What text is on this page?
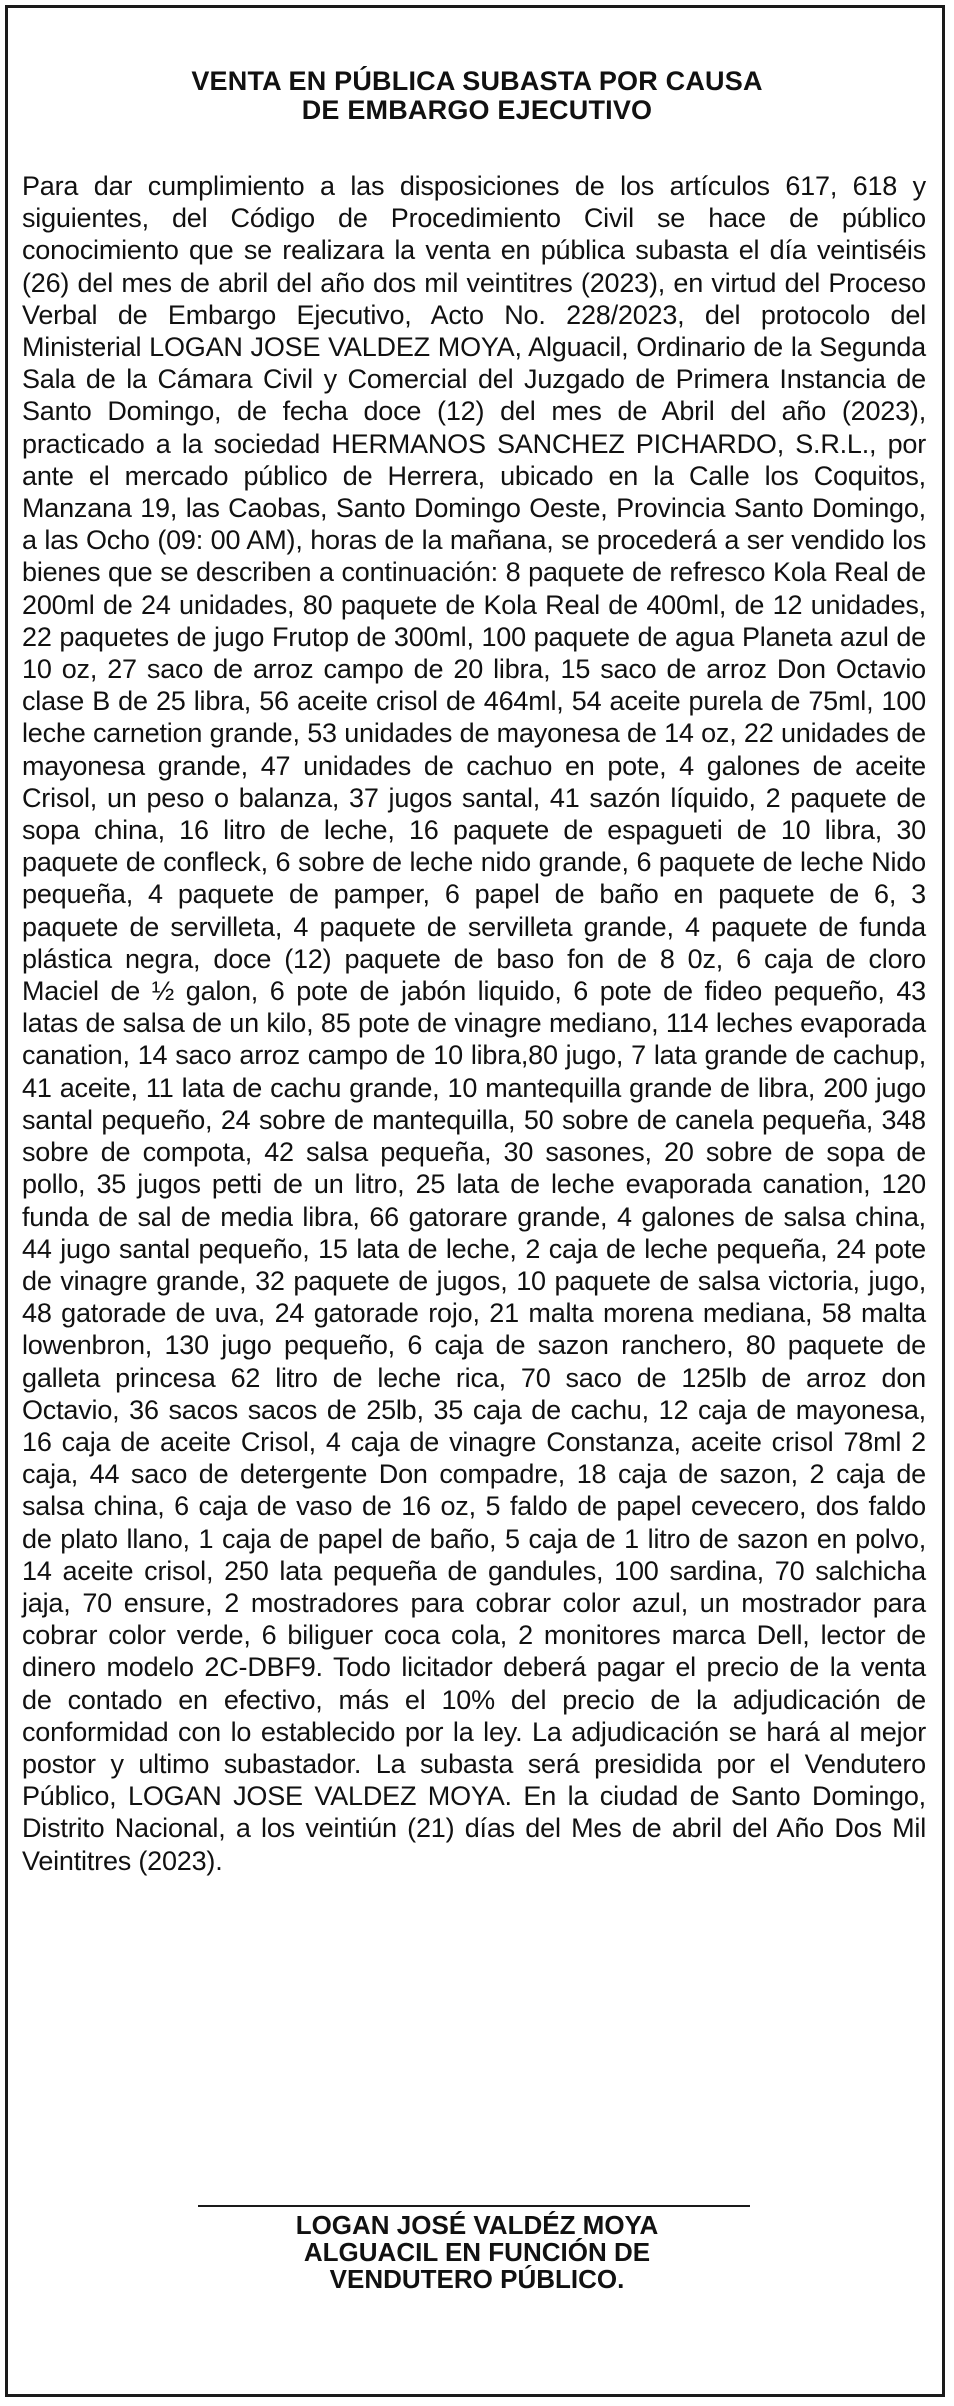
VENTA EN PÚBLICA SUBASTA POR CAUSA
DE EMBARGO EJECUTIVO

Para dar cumplimiento a las disposiciones de los artículos 617, 618 y siguientes, del Código de Procedimiento Civil se hace de público conocimiento que se realizara la venta en pública subasta el día veintiséis (26) del mes de abril del año dos mil veintitres (2023), en virtud del Proceso Verbal de Embargo Ejecutivo, Acto No. 228/2023, del protocolo del Ministerial LOGAN JOSE VALDEZ MOYA, Alguacil, Ordinario de la Segunda Sala de la Cámara Civil y Comercial del Juzgado de Primera Instancia de Santo Domingo, de fecha doce (12) del mes de Abril del año (2023), practicado a la sociedad HERMANOS SANCHEZ PICHARDO, S.R.L., por ante el mercado público de Herrera, ubicado en la Calle los Coquitos, Manzana 19, las Caobas, Santo Domingo Oeste, Provincia Santo Domingo, a las Ocho (09: 00 AM), horas de la mañana, se procederá a ser vendido los bienes que se describen a continuación: 8 paquete de refresco Kola Real de 200ml de 24 unidades, 80 paquete de Kola Real de 400ml, de 12 unidades, 22 paquetes de jugo Frutop de 300ml, 100 paquete de agua Planeta azul de 10 oz, 27 saco de arroz campo de 20 libra, 15 saco de arroz Don Octavio clase B de 25 libra, 56 aceite crisol de 464ml, 54 aceite purela de 75ml, 100 leche carnetion grande, 53 unidades de mayonesa de 14 oz, 22 unidades de mayonesa grande, 47 unidades de cachuo en pote, 4 galones de aceite Crisol, un peso o balanza, 37 jugos santal, 41 sazón líquido, 2 paquete de sopa china, 16 litro de leche, 16 paquete de espagueti de 10 libra, 30 paquete de confleck, 6 sobre de leche nido grande, 6 paquete de leche Nido pequeña, 4 paquete de pamper, 6 papel de baño en paquete de 6, 3 paquete de servilleta, 4 paquete de servilleta grande, 4 paquete de funda plástica negra, doce (12) paquete de baso fon de 8 0z, 6 caja de cloro Maciel de ½ galon, 6 pote de jabón liquido, 6 pote de fideo pequeño, 43 latas de salsa de un kilo, 85 pote de vinagre mediano, 114 leches evaporada canation, 14 saco arroz campo de 10 libra,80 jugo, 7 lata grande de cachup, 41 aceite, 11 lata de cachu grande, 10 mantequilla grande de libra, 200 jugo santal pequeño, 24 sobre de mantequilla, 50 sobre de canela pequeña, 348 sobre de compota, 42 salsa pequeña, 30 sasones, 20 sobre de sopa de pollo, 35 jugos petti de un litro, 25 lata de leche evaporada canation, 120 funda de sal de media libra, 66 gatorare grande, 4 galones de salsa china, 44 jugo santal pequeño, 15 lata de leche, 2 caja de leche pequeña, 24 pote de vinagre grande, 32 paquete de jugos, 10 paquete de salsa victoria, jugo, 48 gatorade de uva, 24 gatorade rojo, 21 malta morena mediana, 58 malta lowenbron, 130 jugo pequeño, 6 caja de sazon ranchero, 80 paquete de galleta princesa 62 litro de leche rica, 70 saco de 125lb de arroz don Octavio, 36 sacos sacos de 25lb, 35 caja de cachu, 12 caja de mayonesa, 16 caja de aceite Crisol, 4 caja de vinagre Constanza, aceite crisol 78ml 2 caja, 44 saco de detergente Don compadre, 18 caja de sazon, 2 caja de salsa china, 6 caja de vaso de 16 oz, 5 faldo de papel cevecero, dos faldo de plato llano, 1 caja de papel de baño, 5 caja de 1 litro de sazon en polvo, 14 aceite crisol, 250 lata pequeña de gandules, 100 sardina, 70 salchicha jaja, 70 ensure, 2 mostradores para cobrar color azul, un mostrador para cobrar color verde, 6 biliguer coca cola, 2 monitores marca Dell, lector de dinero modelo 2C-DBF9. Todo licitador deberá pagar el precio de la venta de contado en efectivo, más el 10% del precio de la adjudicación de conformidad con lo establecido por la ley. La adjudicación se hará al mejor postor y ultimo subastador. La subasta será presidida por el Vendutero Público, LOGAN JOSE VALDEZ MOYA. En la ciudad de Santo Domingo, Distrito Nacional, a los veintiún (21) días del Mes de abril del Año Dos Mil Veintitres (2023).

LOGAN JOSÉ VALDÉZ MOYA
ALGUACIL EN FUNCIÓN DE
VENDUTERO PÚBLICO.
